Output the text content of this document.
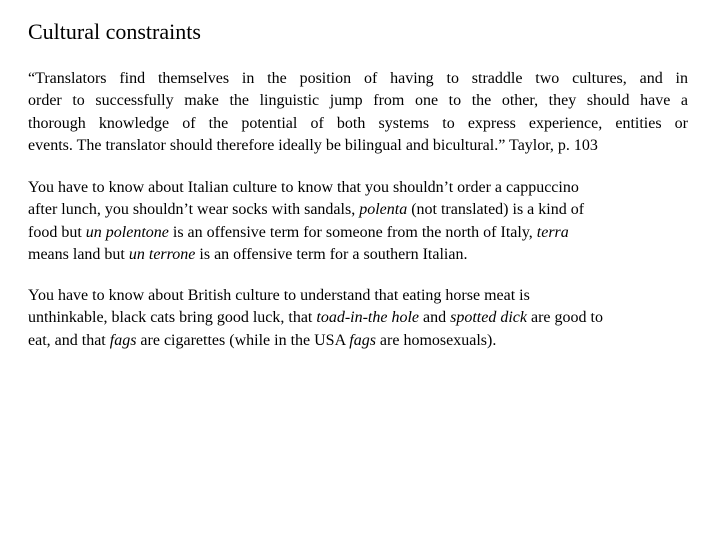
Cultural constraints
“Translators find themselves in the position of having to straddle two cultures, and in
order to successfully make the linguistic jump from one to the other, they should have a
thorough knowledge of the potential of both systems to express experience, entities or
events. The translator should therefore ideally be bilingual and bicultural.” Taylor, p. 103
You have to know about Italian culture to know that you shouldn’t order a cappuccino
after lunch, you shouldn’t wear socks with sandals, polenta (not translated) is a kind of
food but un polentone is an offensive term for someone from the north of Italy, terra
means land but un terrone is an offensive term for a southern Italian.
You have to know about British culture to understand that eating horse meat is
unthinkable, black cats bring good luck, that toad-in-the hole and spotted dick are good to
eat, and that fags are cigarettes (while in the USA fags are homosexuals).
